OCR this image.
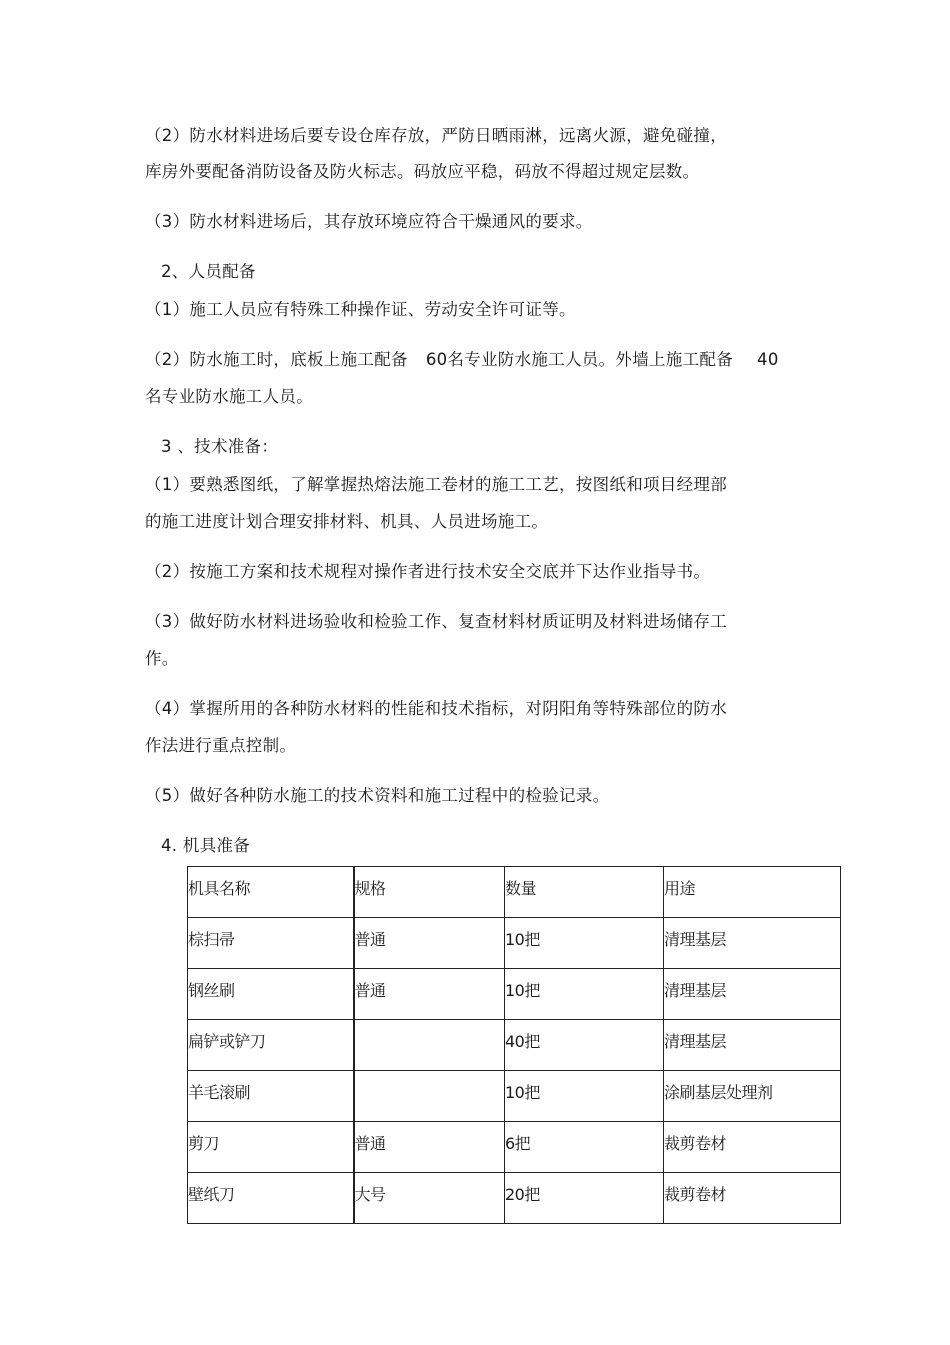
（2）防水材料进场后要专设仓库存放，严防日晒雨淋，远离火源，避免碰撞，
库房外要配备消防设备及防火标志。码放应平稳，码放不得超过规定层数。
（3）防水材料进场后，其存放环境应符合干燥通风的要求。
2、人员配备
（1）施工人员应有特殊工种操作证、劳动安全许可证等。
（2）防水施工时，底板上施工配备 60名专业防水施工人员。外墙上施工配备 40
名专业防水施工人员。
3 、技术准备：
（1）要熟悉图纸，了解掌握热熔法施工卷材的施工工艺，按图纸和项目经理部
的施工进度计划合理安排材料、机具、人员进场施工。
（2）按施工方案和技术规程对操作者进行技术安全交底并下达作业指导书。
（3）做好防水材料进场验收和检验工作、复查材料材质证明及材料进场储存工
作。
（4）掌握所用的各种防水材料的性能和技术指标，对阴阳角等特殊部位的防水
作法进行重点控制。
（5）做好各种防水施工的技术资料和施工过程中的检验记录。
4. 机具准备
机具名称	规格	数量	用途
棕扫帚	普通	10把	清理基层
钢丝刷	普通	10把	清理基层
扁铲或铲刀		40把	清理基层
羊毛滚刷		10把	涂刷基层处理剂
剪刀	普通	6把	裁剪卷材
壁纸刀	大号	20把	裁剪卷材
